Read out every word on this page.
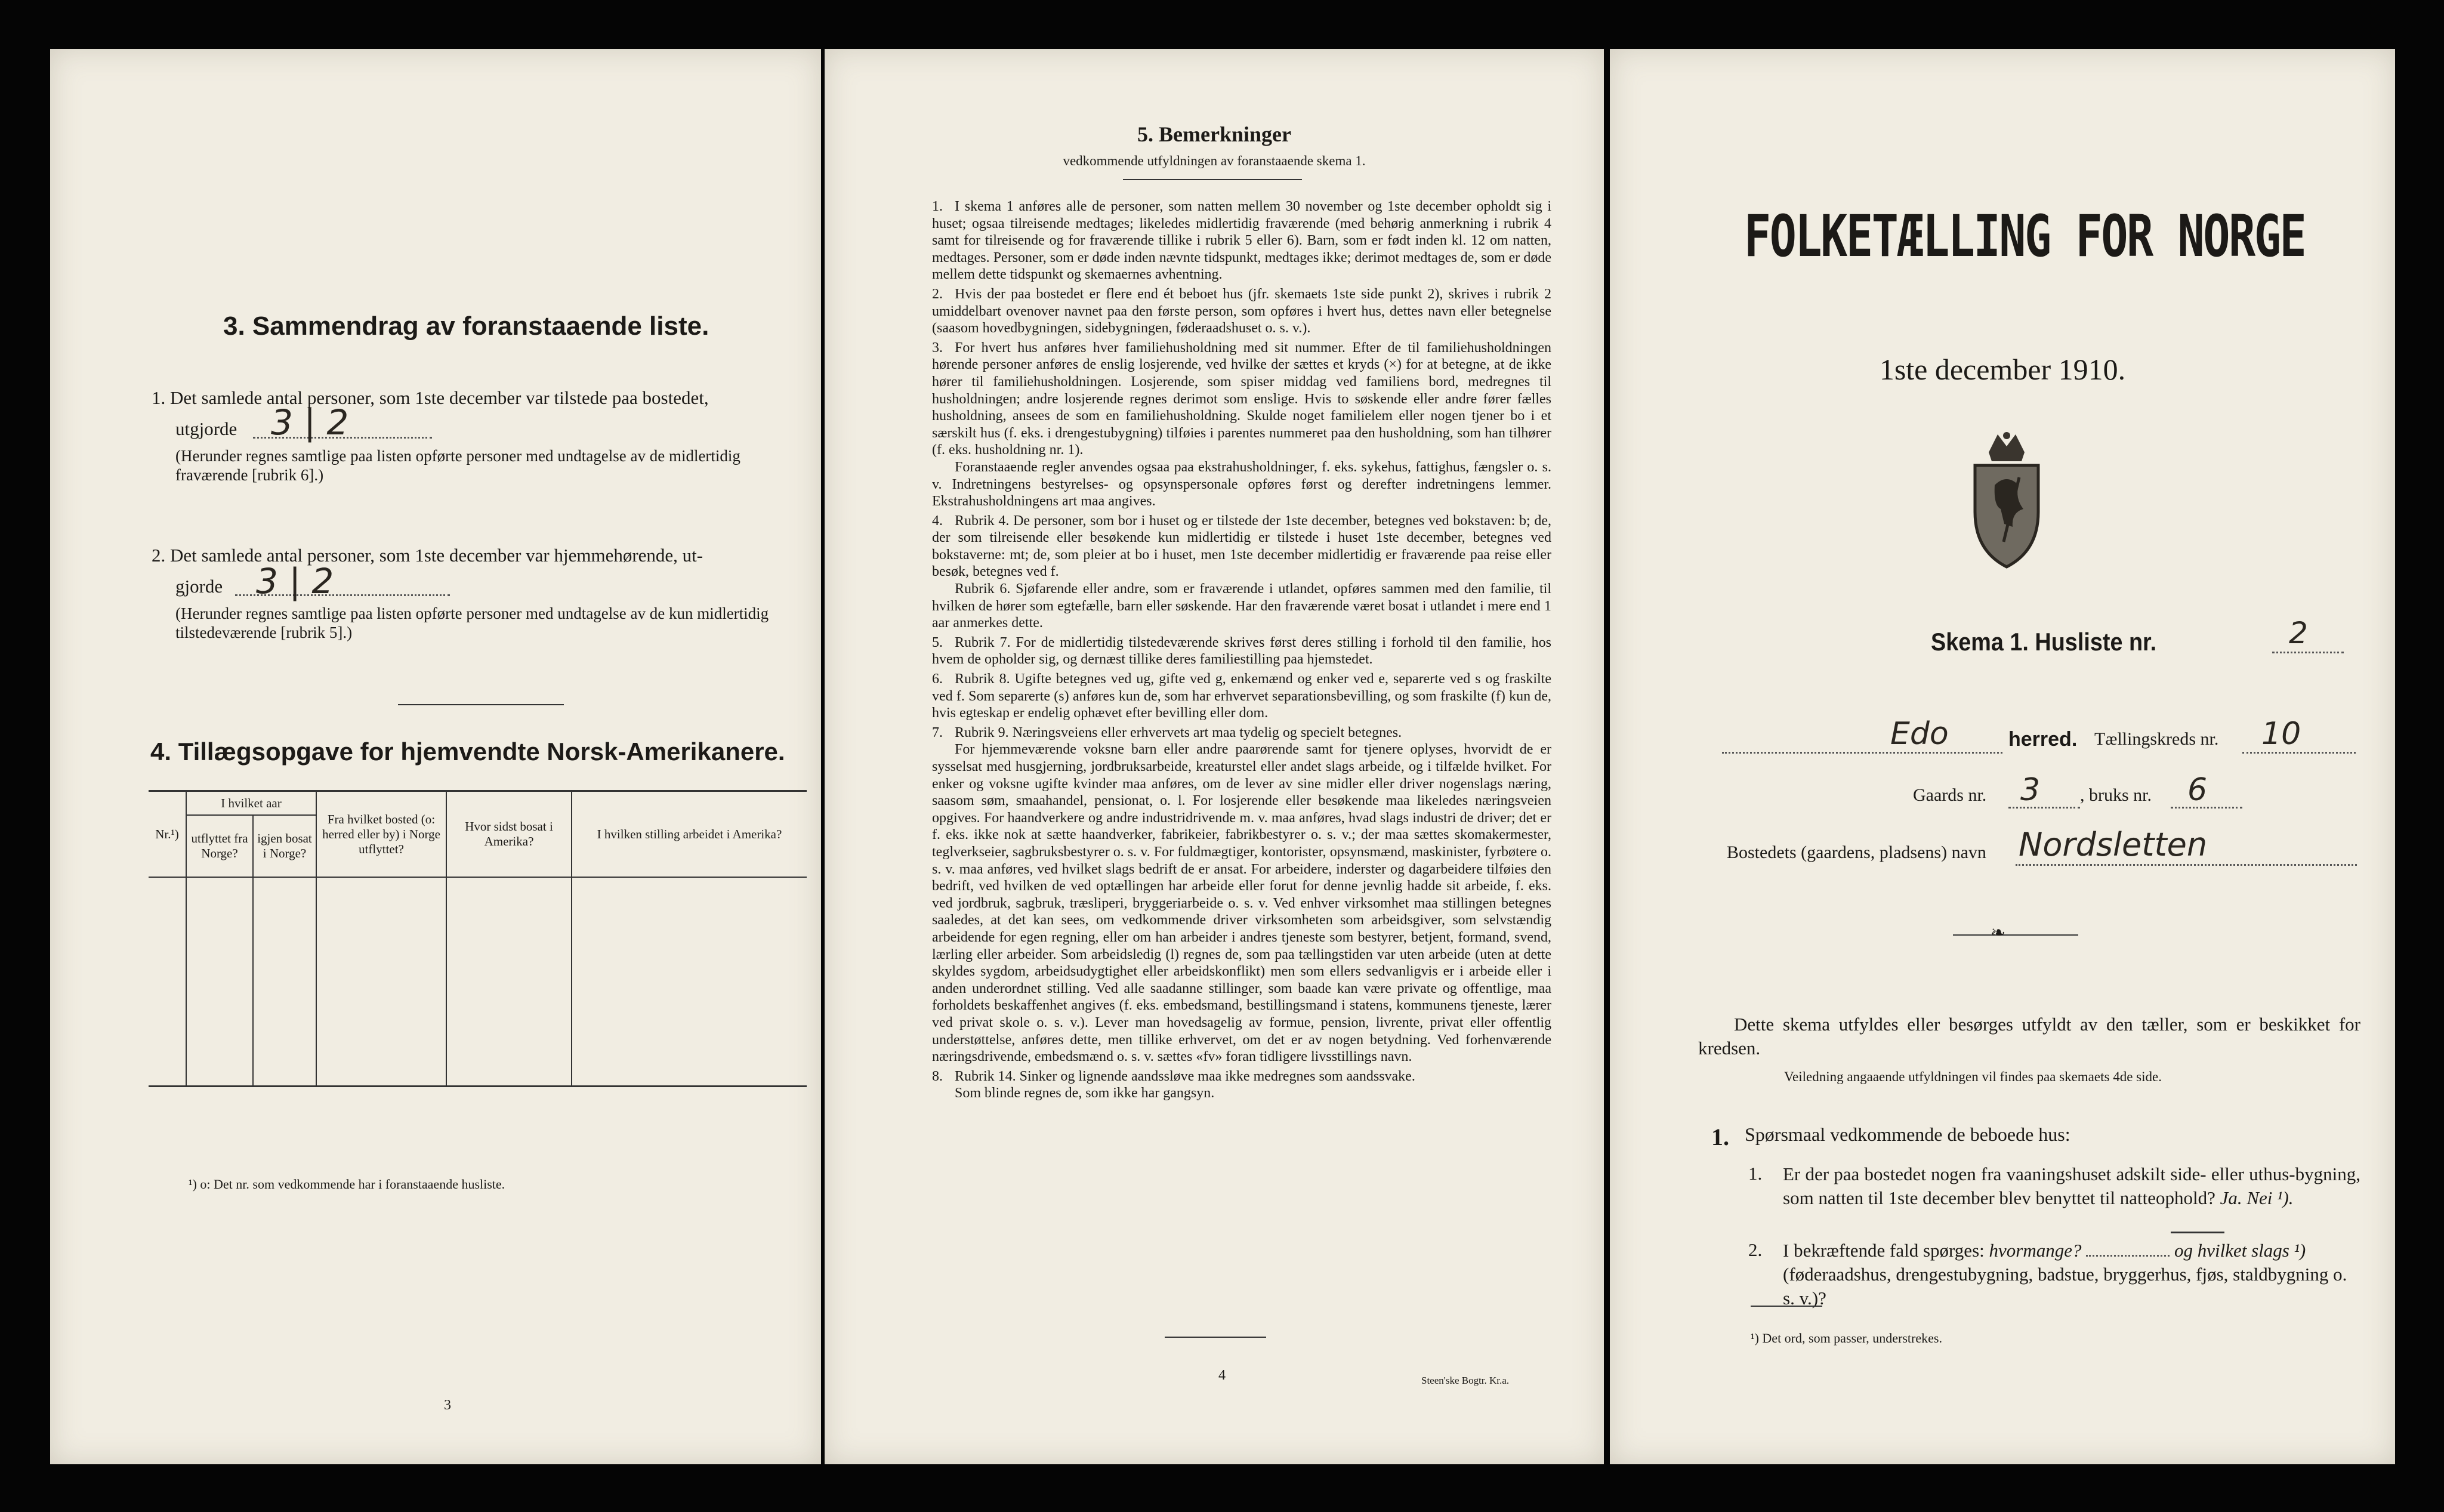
3. Sammendrag av foranstaaende liste.
1. Det samlede antal personer, som 1ste december var tilstede paa bostedet,
utgjorde 3 | 2
(Herunder regnes samtlige paa listen opførte personer med undtagelse av de midlertidig fraværende [rubrik 6].)
2. Det samlede antal personer, som 1ste december var hjemmehørende, ut-
gjorde 3 | 2
(Herunder regnes samtlige paa listen opførte personer med undtagelse av de kun midlertidig tilstedeværende [rubrik 5].)
4. Tillægsopgave for hjemvendte Norsk-Amerikanere.
Nr.¹)	I hvilket aar		Fra hvilket bosted (o: herred eller by) i Norge utflyttet?	Hvor sidst bosat i Amerika?	I hvilken stilling arbeidet i Amerika?
	utflyttet fra Norge?	igjen bosat i Norge?			

¹) o: Det nr. som vedkommende har i foranstaaende husliste.
3
5. Bemerkninger
vedkommende utfyldningen av foranstaaende skema 1.

1. I skema 1 anføres alle de personer, som natten mellem 30 november og 1ste december opholdt sig i huset; ogsaa tilreisende medtages; likeledes midlertidig fraværende (med behørig anmerkning i rubrik 4 samt for tilreisende og for fraværende tillike i rubrik 5 eller 6). Barn, som er født inden kl. 12 om natten, medtages. Personer, som er døde inden nævnte tidspunkt, medtages ikke; derimot medtages de, som er døde mellem dette tidspunkt og skemaernes avhentning.

2. Hvis der paa bostedet er flere end ét beboet hus (jfr. skemaets 1ste side punkt 2), skrives i rubrik 2 umiddelbart ovenover navnet paa den første person, som opføres i hvert hus, dettes navn eller betegnelse (saasom hovedbygningen, sidebygningen, føderaadshuset o. s. v.).

3. For hvert hus anføres hver familiehusholdning med sit nummer. Efter de til familiehusholdningen hørende personer anføres de enslig losjerende, ved hvilke der sættes et kryds (×) for at betegne, at de ikke hører til familiehusholdningen. Losjerende, som spiser middag ved familiens bord, medregnes til husholdningen; andre losjerende regnes derimot som enslige. Hvis to søskende eller andre fører fælles husholdning, ansees de som en familiehusholdning. Skulde noget familielem eller nogen tjener bo i et særskilt hus (f. eks. i drengestubygning) tilføies i parentes nummeret paa den husholdning, som han tilhører (f. eks. husholdning nr. 1).

Foranstaaende regler anvendes ogsaa paa ekstrahusholdninger, f. eks. sykehus, fattighus, fængsler o. s. v. Indretningens bestyrelses- og opsynspersonale opføres først og derefter indretningens lemmer. Ekstrahusholdningens art maa angives.

4. Rubrik 4. De personer, som bor i huset og er tilstede der 1ste december, betegnes ved bokstaven: b; de, der som tilreisende eller besøkende kun midlertidig er tilstede i huset 1ste december, betegnes ved bokstaverne: mt; de, som pleier at bo i huset, men 1ste december midlertidig er fraværende paa reise eller besøk, betegnes ved f.

Rubrik 6. Sjøfarende eller andre, som er fraværende i utlandet, opføres sammen med den familie, til hvilken de hører som egtefælle, barn eller søskende. Har den fraværende været bosat i utlandet i mere end 1 aar anmerkes dette.

5. Rubrik 7. For de midlertidig tilstedeværende skrives først deres stilling i forhold til den familie, hos hvem de opholder sig, og dernæst tillike deres familiestilling paa hjemstedet.

6. Rubrik 8. Ugifte betegnes ved ug, gifte ved g, enkemænd og enker ved e, separerte ved s og fraskilte ved f. Som separerte (s) anføres kun de, som har erhvervet separationsbevilling, og som fraskilte (f) kun de, hvis egteskap er endelig ophævet efter bevilling eller dom.

7. Rubrik 9. Næringsveiens eller erhvervets art maa tydelig og specielt betegnes.

For hjemmeværende voksne barn eller andre paarørende samt for tjenere oplyses, hvorvidt de er sysselsat med husgjerning, jordbruksarbeide, kreaturstel eller andet slags arbeide, og i tilfælde hvilket. For enker og voksne ugifte kvinder maa anføres, om de lever av sine midler eller driver nogenslags næring, saasom søm, smaahandel, pensionat, o. l. For losjerende eller besøkende maa likeledes næringsveien opgives. For haandverkere og andre industridrivende m. v. maa anføres, hvad slags industri de driver; det er f. eks. ikke nok at sætte haandverker, fabrikeier, fabrikbestyrer o. s. v.; der maa sættes skomakermester, teglverkseier, sagbruksbestyrer o. s. v. For fuldmægtiger, kontorister, opsynsmænd, maskinister, fyrbøtere o. s. v. maa anføres, ved hvilket slags bedrift de er ansat. For arbeidere, inderster og dagarbeidere tilføies den bedrift, ved hvilken de ved optællingen har arbeide eller forut for denne jevnlig hadde sit arbeide, f. eks. ved jordbruk, sagbruk, træsliperi, bryggeriarbeide o. s. v. Ved enhver virksomhet maa stillingen betegnes saaledes, at det kan sees, om vedkommende driver virksomheten som arbeidsgiver, som selvstændig arbeidende for egen regning, eller om han arbeider i andres tjeneste som bestyrer, betjent, formand, svend, lærling eller arbeider. Som arbeidsledig (l) regnes de, som paa tællingstiden var uten arbeide (uten at dette skyldes sygdom, arbeidsudygtighet eller arbeidskonflikt) men som ellers sedvanligvis er i arbeide eller i anden underordnet stilling. Ved alle saadanne stillinger, som baade kan være private og offentlige, maa forholdets beskaffenhet angives (f. eks. embedsmand, bestillingsmand i statens, kommunens tjeneste, lærer ved privat skole o. s. v.). Lever man hovedsagelig av formue, pension, livrente, privat eller offentlig understøttelse, anføres dette, men tillike erhvervet, om det er av nogen betydning. Ved forhenværende næringsdrivende, embedsmænd o. s. v. sættes «fv» foran tidligere livsstillings navn.

8. Rubrik 14. Sinker og lignende aandssløve maa ikke medregnes som aandssvake.

Som blinde regnes de, som ikke har gangsyn.

4	Steen'ske Bogtr. Kr.a.
FOLKETÆLLING FOR NORGE
1ste december 1910.
Skema 1. Husliste nr.	2
Edo	herred. Tællingskreds nr. 10
Gaards nr. 3 , bruks nr. 6
Bostedets (gaardens, pladsens) navn Nordsletten
❧
Dette skema utfyldes eller besørges utfyldt av den tæller, som er beskikket for kredsen.
Veiledning angaaende utfyldningen vil findes paa skemaets 4de side.
1. Spørsmaal vedkommende de beboede hus:
1. Er der paa bostedet nogen fra vaaningshuset adskilt side- eller uthus-bygning, som natten til 1ste december blev benyttet til natteophold? Ja. Nei ¹).
2. I bekræftende fald spørges: hvormange?	og hvilket slags ¹) (føderaadshus, drengestubygning, badstue, bryggerhus, fjøs, staldbygning o. s. v.)?
¹) Det ord, som passer, understrekes.
